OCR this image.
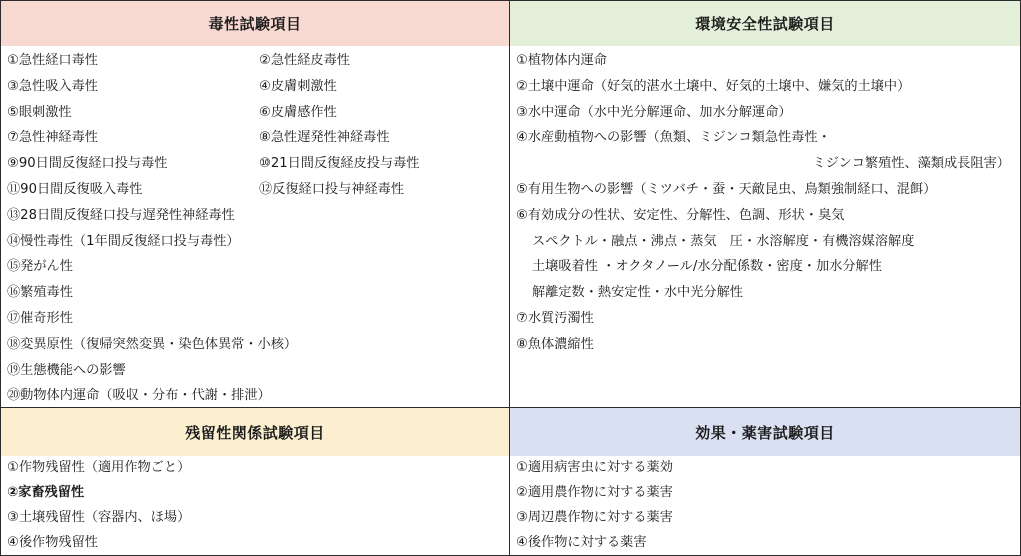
毒性試験項目
①急性経口毒性	②急性経皮毒性
③急性吸入毒性	④皮膚刺激性
⑤眼刺激性	⑥皮膚感作性
⑦急性神経毒性	⑧急性遅発性神経毒性
⑨90日間反復経口投与毒性	⑩21日間反復経皮投与毒性
⑪90日間反復吸入毒性	⑫反復経口投与神経毒性
⑬28日間反復経口投与遅発性神経毒性
⑭慢性毒性（1年間反復経口投与毒性）
⑮発がん性
⑯繁殖毒性
⑰催奇形性
⑱変異原性（復帰突然変異・染色体異常・小核）
⑲生態機能への影響
⑳動物体内運命（吸収・分布・代謝・排泄）
環境安全性試験項目
①植物体内運命
②土壌中運命（好気的湛水土壌中、好気的土壌中、嫌気的土壌中）
③水中運命（水中光分解運命、加水分解運命）
④水産動植物への影響（魚類、ミジンコ類急性毒性・
ミジンコ繁殖性、藻類成長阻害）
⑤有用生物への影響（ミツバチ・蚕・天敵昆虫、鳥類強制経口、混餌）
⑥有効成分の性状、安定性、分解性、色調、形状・臭気
スペクトル・融点・沸点・蒸気　圧・水溶解度・有機溶媒溶解度
土壌吸着性 ・オクタノール/水分配係数・密度・加水分解性
解離定数・熱安定性・水中光分解性
⑦水質汚濁性
⑧魚体濃縮性
残留性関係試験項目
①作物残留性（適用作物ごと）
②家畜残留性
③土壌残留性（容器内、ほ場）
④後作物残留性
効果・薬害試験項目
①適用病害虫に対する薬効
②適用農作物に対する薬害
③周辺農作物に対する薬害
④後作物に対する薬害
